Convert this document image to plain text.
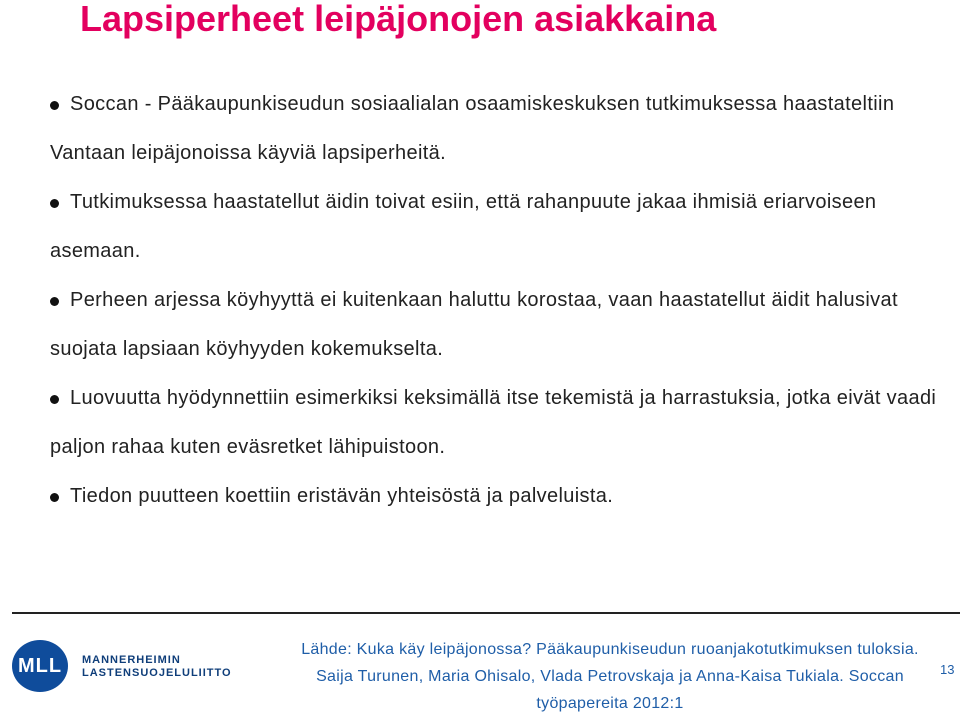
Lapsiperheet leipäjonojen asiakkaina
Soccan - Pääkaupunkiseudun sosiaalialan osaamiskeskuksen tutkimuksessa haastateltiin Vantaan leipäjonoissa käyviä lapsiperheitä.
Tutkimuksessa haastatellut äidin toivat esiin, että rahanpuute jakaa ihmisiä eriarvoiseen asemaan.
Perheen arjessa köyhyyttä ei kuitenkaan haluttu korostaa, vaan haastatellut äidit halusivat suojata lapsiaan köyhyyden kokemukselta.
Luovuutta hyödynnettiin esimerkiksi keksimällä itse tekemistä ja harrastuksia, jotka eivät vaadi paljon rahaa kuten eväsretket lähipuistoon.
Tiedon puutteen koettiin eristävän yhteisöstä ja palveluista.
MLL	MANNERHEIMIN
LASTENSUOJELULIITTO
Lähde: Kuka käy leipäjonossa? Pääkaupunkiseudun ruoanjakotutkimuksen tuloksia. Saija Turunen, Maria Ohisalo, Vlada Petrovskaja ja Anna-Kaisa Tukiala. Soccan työpapereita 2012:1
13
